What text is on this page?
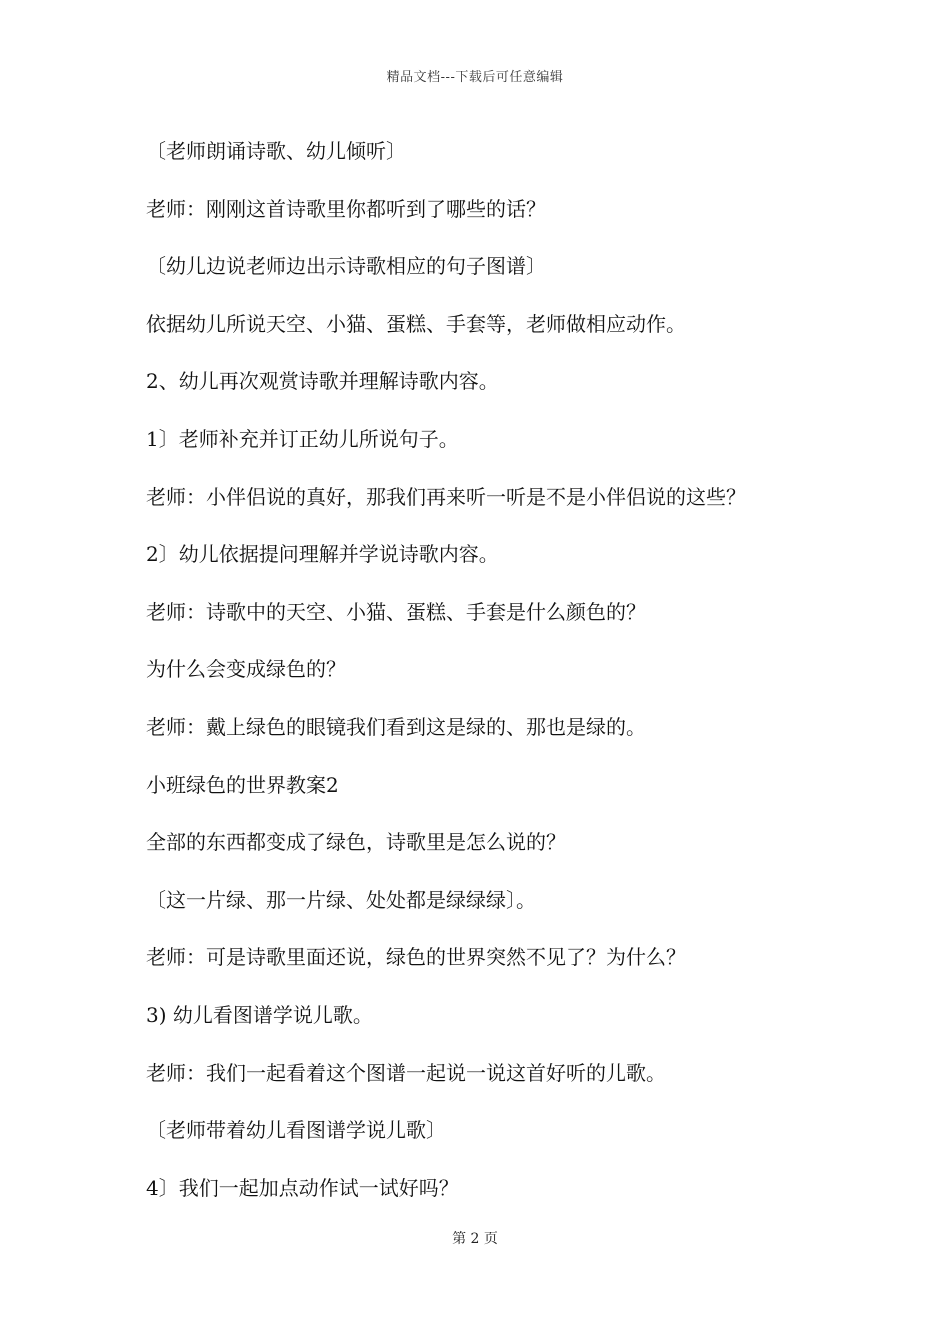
精品文档---下载后可任意编辑
〔老师朗诵诗歌、幼儿倾听〕
老师：刚刚这首诗歌里你都听到了哪些的话？
〔幼儿边说老师边出示诗歌相应的句子图谱〕
依据幼儿所说天空、小猫、蛋糕、手套等，老师做相应动作。
2、幼儿再次观赏诗歌并理解诗歌内容。
1〕老师补充并订正幼儿所说句子。
老师：小伴侣说的真好，那我们再来听一听是不是小伴侣说的这些？
2〕幼儿依据提问理解并学说诗歌内容。
老师：诗歌中的天空、小猫、蛋糕、手套是什么颜色的？
为什么会变成绿色的？
老师：戴上绿色的眼镜我们看到这是绿的、那也是绿的。
小班绿色的世界教案2
全部的东西都变成了绿色，诗歌里是怎么说的？
〔这一片绿、那一片绿、处处都是绿绿绿〕。
老师：可是诗歌里面还说，绿色的世界突然不见了？为什么？
3) 幼儿看图谱学说儿歌。
老师：我们一起看着这个图谱一起说一说这首好听的儿歌。
〔老师带着幼儿看图谱学说儿歌〕
4〕我们一起加点动作试一试好吗？
第 2 页
